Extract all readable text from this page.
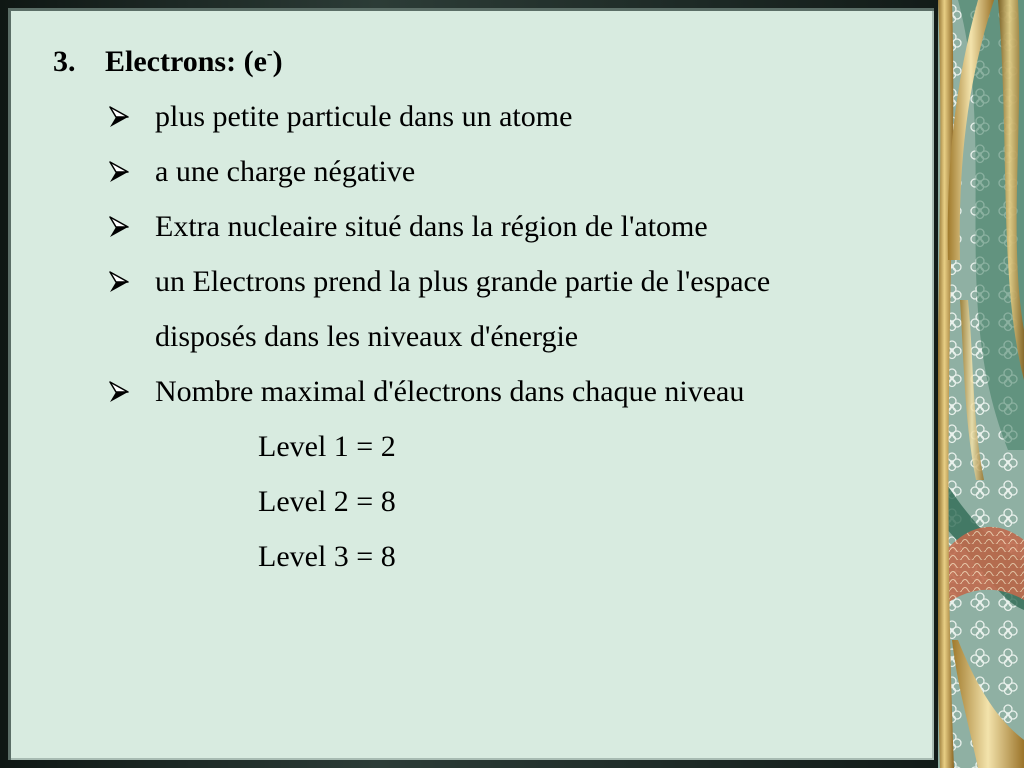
3. Electrons: (e-)
plus petite particule dans un atome
a une charge négative
Extra nucleaire situé dans la région de l'atome
un Electrons prend la plus grande partie de l'espace
disposés dans les niveaux d'énergie
Nombre maximal d'électrons dans chaque niveau
Level 1 = 2
Level 2 = 8
Level 3 = 8
